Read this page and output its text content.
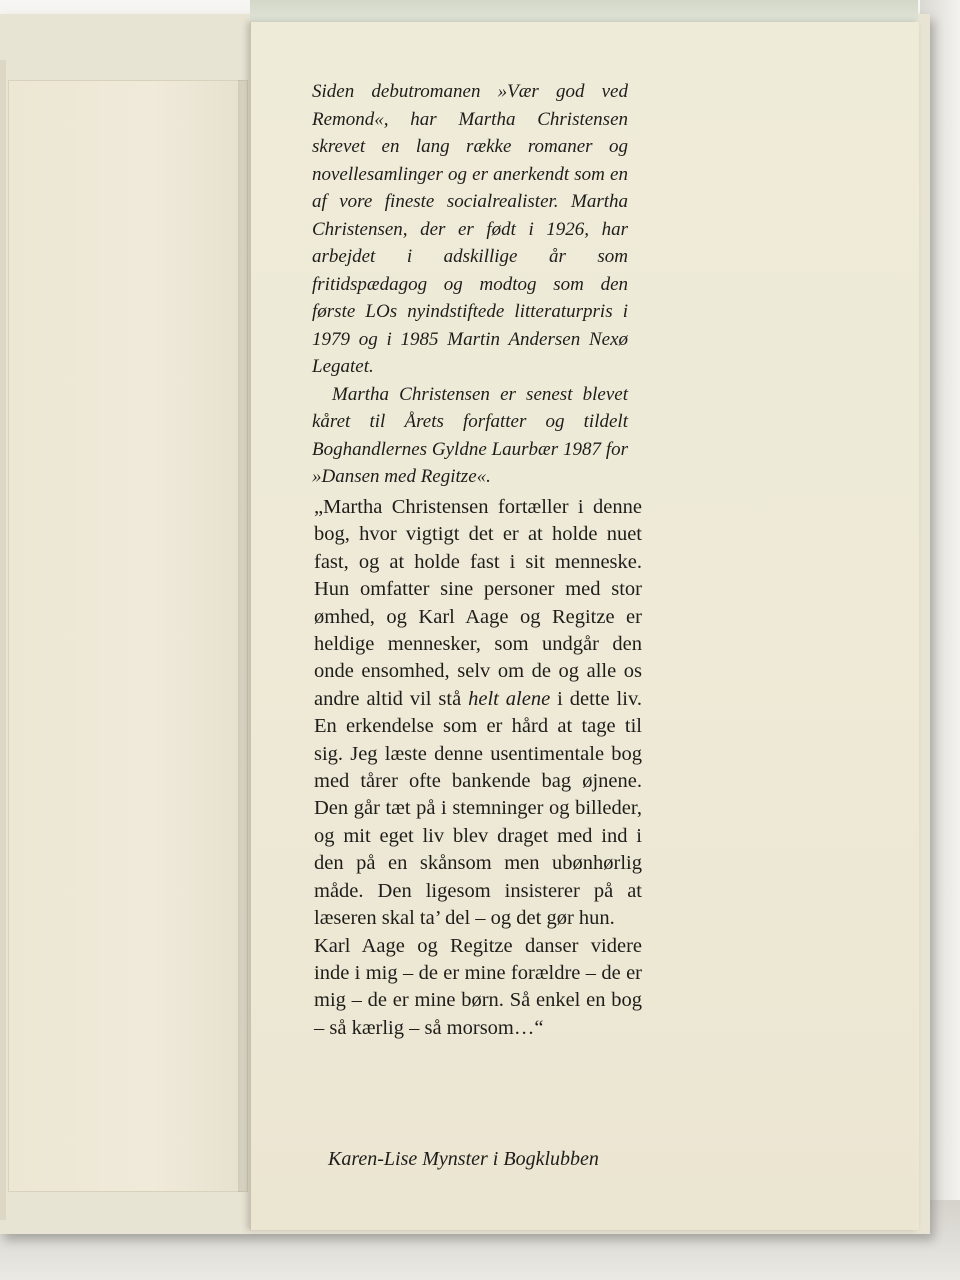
Siden debutromanen »Vær god ved Remond«, har Martha Christensen skrevet en lang række romaner og novellesamlinger og er anerkendt som en af vore fineste socialrealister. Martha Christensen, der er født i 1926, har arbejdet i adskillige år som fritidspædagog og modtog som den første LOs nyindstiftede litteraturpris i 1979 og i 1985 Martin Andersen Nexø Legatet.

Martha Christensen er senest blevet kåret til Årets forfatter og tildelt Boghandlernes Gyldne Laurbær 1987 for »Dansen med Regitze«.

„Martha Christensen fortæller i denne bog, hvor vigtigt det er at holde nuet fast, og at holde fast i sit menneske. Hun omfatter sine personer med stor ømhed, og Karl Aage og Regitze er heldige mennesker, som undgår den onde ensomhed, selv om de og alle os andre altid vil stå helt alene i dette liv. En erkendelse som er hård at tage til sig. Jeg læste denne usentimentale bog med tårer ofte bankende bag øjnene. Den går tæt på i stemninger og billeder, og mit eget liv blev draget med ind i den på en skånsom men ubønhørlig måde. Den ligesom insisterer på at læseren skal ta’ del – og det gør hun.

Karl Aage og Regitze danser videre inde i mig – de er mine forældre – de er mig – de er mine børn. Så enkel en bog – så kærlig – så morsom…“

Karen-Lise Mynster i Bogklubben
